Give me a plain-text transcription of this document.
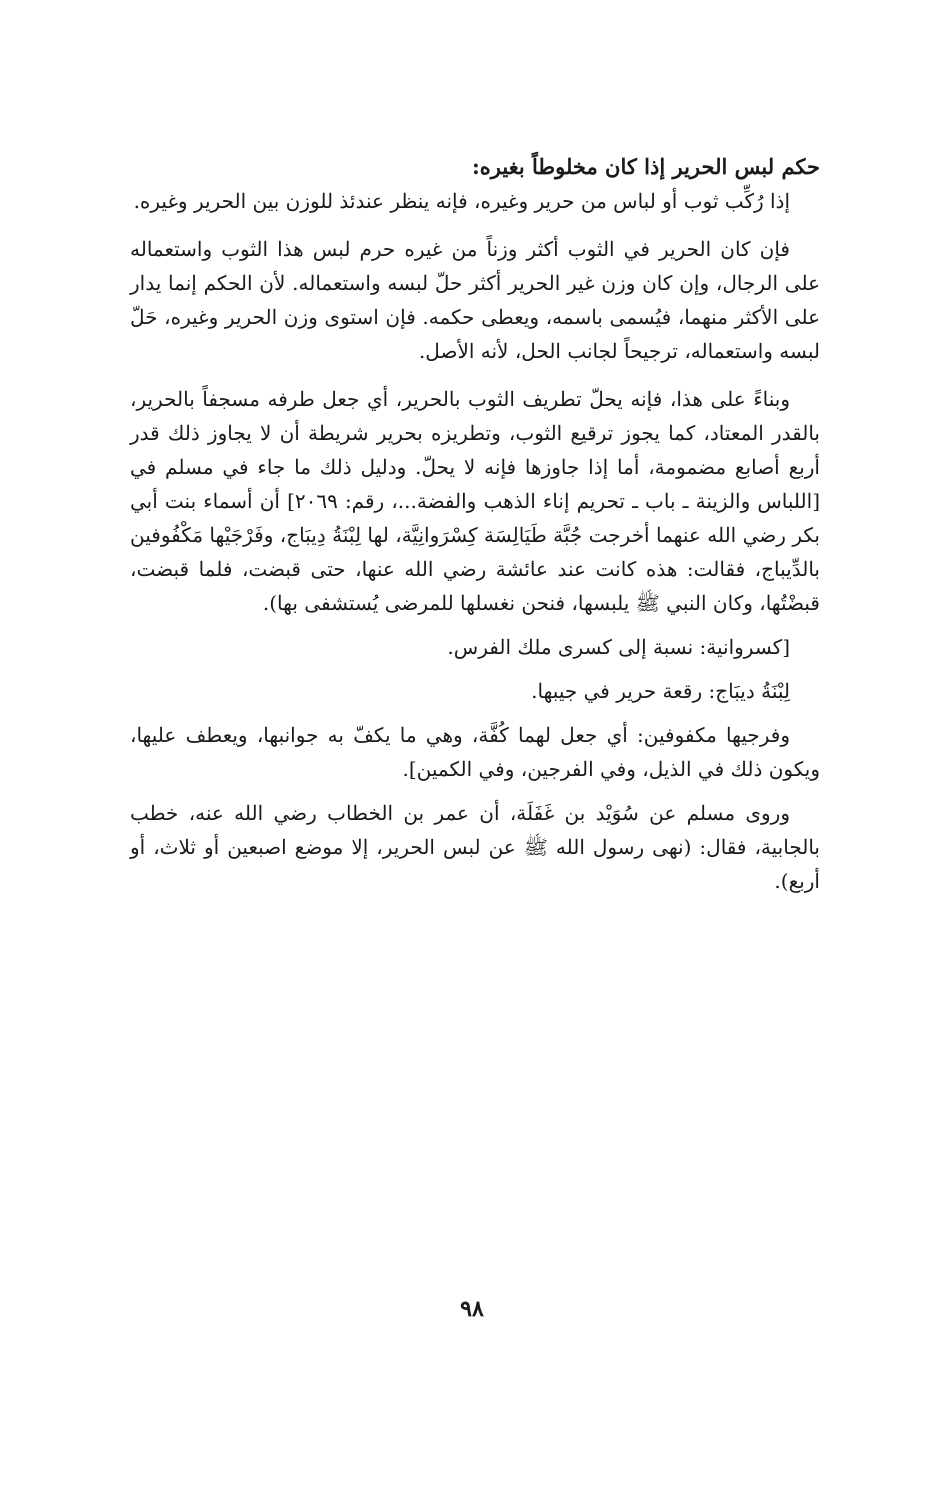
حكم لبس الحرير إذا كان مخلوطاً بغيره:

إذا رُكِّب ثوب أو لباس من حرير وغيره، فإنه ينظر عندئذ للوزن بين الحرير وغيره.

فإن كان الحرير في الثوب أكثر وزناً من غيره حرم لبس هذا الثوب واستعماله على الرجال، وإن كان وزن غير الحرير أكثر حلّ لبسه واستعماله. لأن الحكم إنما يدار على الأكثر منهما، فيُسمى باسمه، ويعطى حكمه. فإن استوى وزن الحرير وغيره، حَلّ لبسه واستعماله، ترجيحاً لجانب الحل، لأنه الأصل.

وبناءً على هذا، فإنه يحلّ تطريف الثوب بالحرير، أي جعل طرفه مسجفاً بالحرير، بالقدر المعتاد، كما يجوز ترقيع الثوب، وتطريزه بحرير شريطة أن لا يجاوز ذلك قدر أربع أصابع مضمومة، أما إذا جاوزها فإنه لا يحلّ. ودليل ذلك ما جاء في مسلم في [اللباس والزينة ـ باب ـ تحريم إناء الذهب والفضة...، رقم: ٢٠٦٩] أن أسماء بنت أبي بكر رضي الله عنهما أخرجت جُبَّة طَيَالِسَة كِسْرَوانِيَّة، لها لِبْنَةُ دِيبَاج، وفَرْجَيْها مَكْفُوفين بالدِّيباج، فقالت: هذه كانت عند عائشة رضي الله عنها، حتى قبضت، فلما قبضت، قبضْتُها، وكان النبي ﷺ يلبسها، فنحن نغسلها للمرضى يُستشفى بها).

[كسروانية: نسبة إلى كسرى ملك الفرس.

لِبْنَةُ ديبَاج: رقعة حرير في جيبها.

وفرجيها مكفوفين: أي جعل لهما كُفَّة، وهي ما يكفّ به جوانبها، ويعطف عليها، ويكون ذلك في الذيل، وفي الفرجين، وفي الكمين].

وروى مسلم عن سُوَيْد بن غَفَلَة، أن عمر بن الخطاب رضي الله عنه، خطب بالجابية، فقال: (نهى رسول الله ﷺ عن لبس الحرير، إلا موضع اصبعين أو ثلاث، أو أربع).

٩٨
